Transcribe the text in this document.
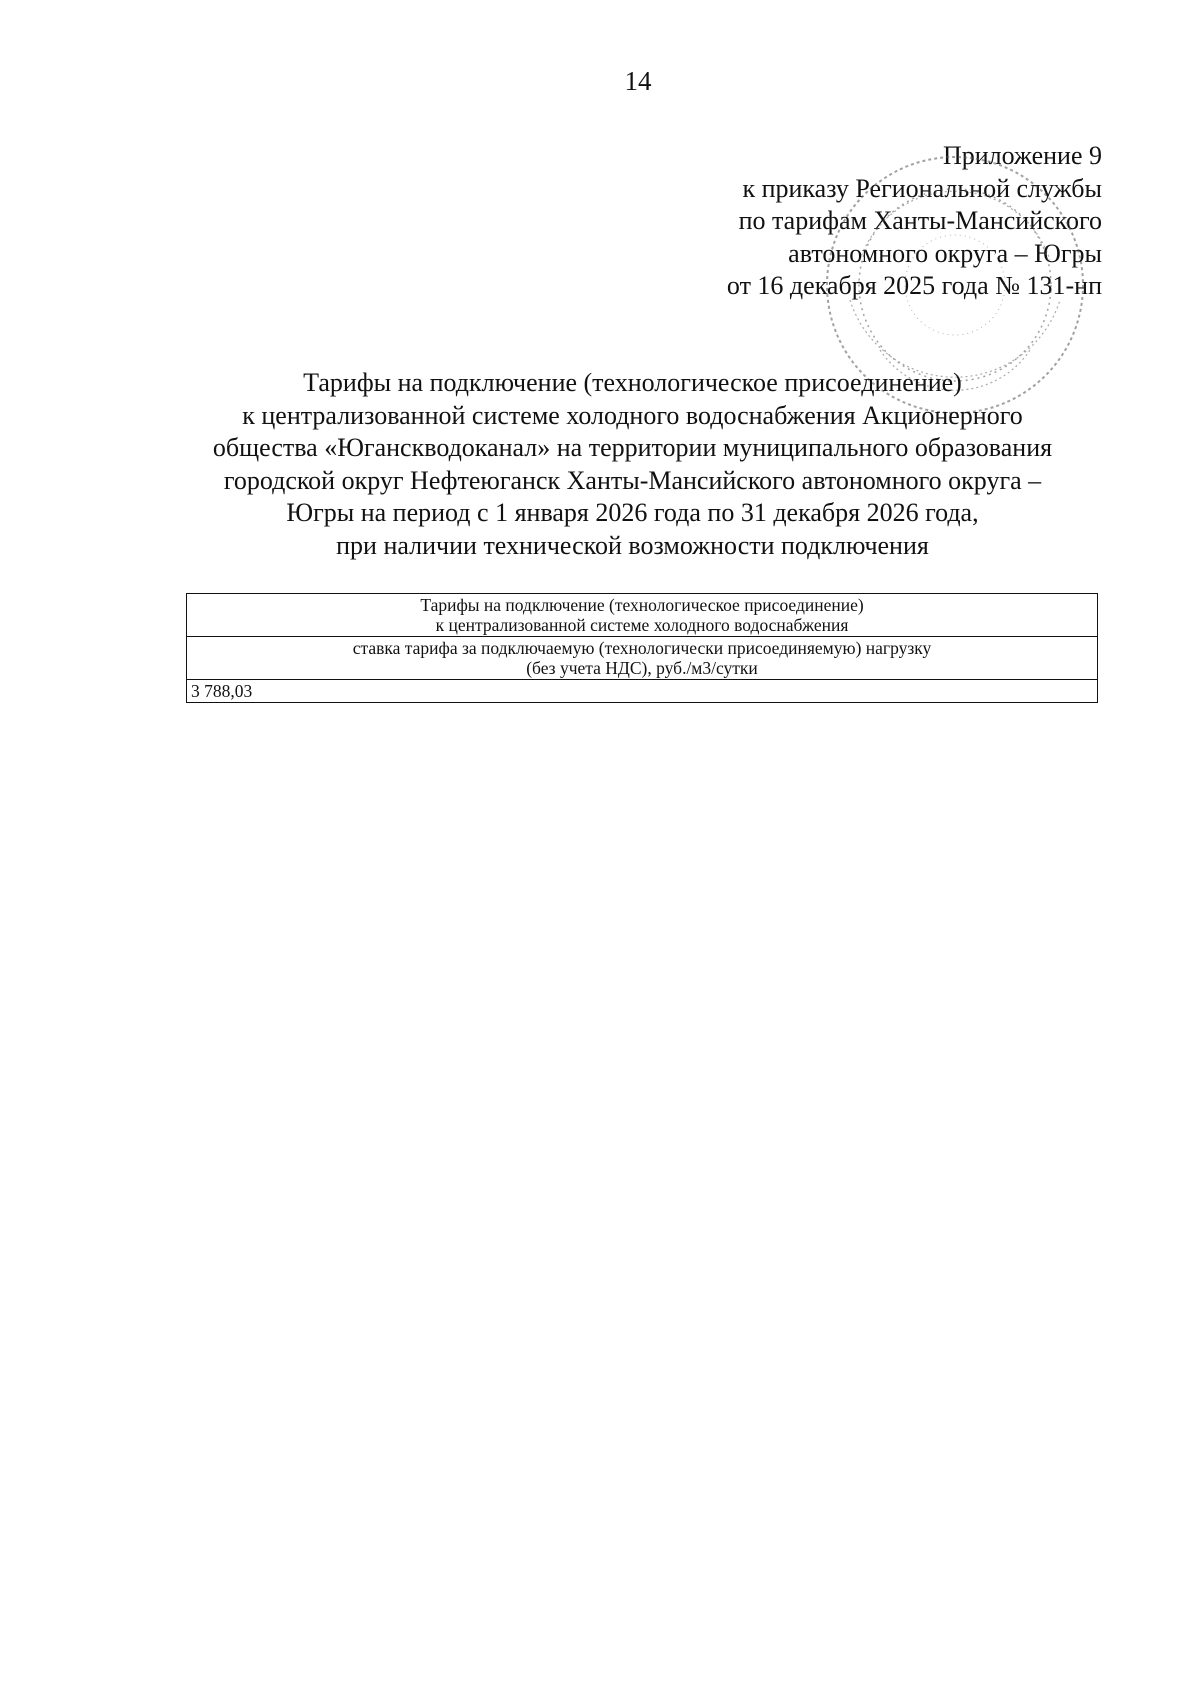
14
Приложение 9
к приказу Региональной службы
по тарифам Ханты-Мансийского
автономного округа – Югры
от 16 декабря 2025 года № 131-нп
Тарифы на подключение (технологическое присоединение)
к централизованной системе холодного водоснабжения Акционерного
общества «Юганскводоканал» на территории муниципального образования
городской округ Нефтеюганск Ханты-Мансийского автономного округа –
Югры на период с 1 января 2026 года по 31 декабря 2026 года,
при наличии технической возможности подключения
Тарифы на подключение (технологическое присоединение)
к централизованной системе холодного водоснабжения

ставка тарифа за подключаемую (технологически присоединяемую) нагрузку
(без учета НДС), руб./м3/сутки

3 788,03
